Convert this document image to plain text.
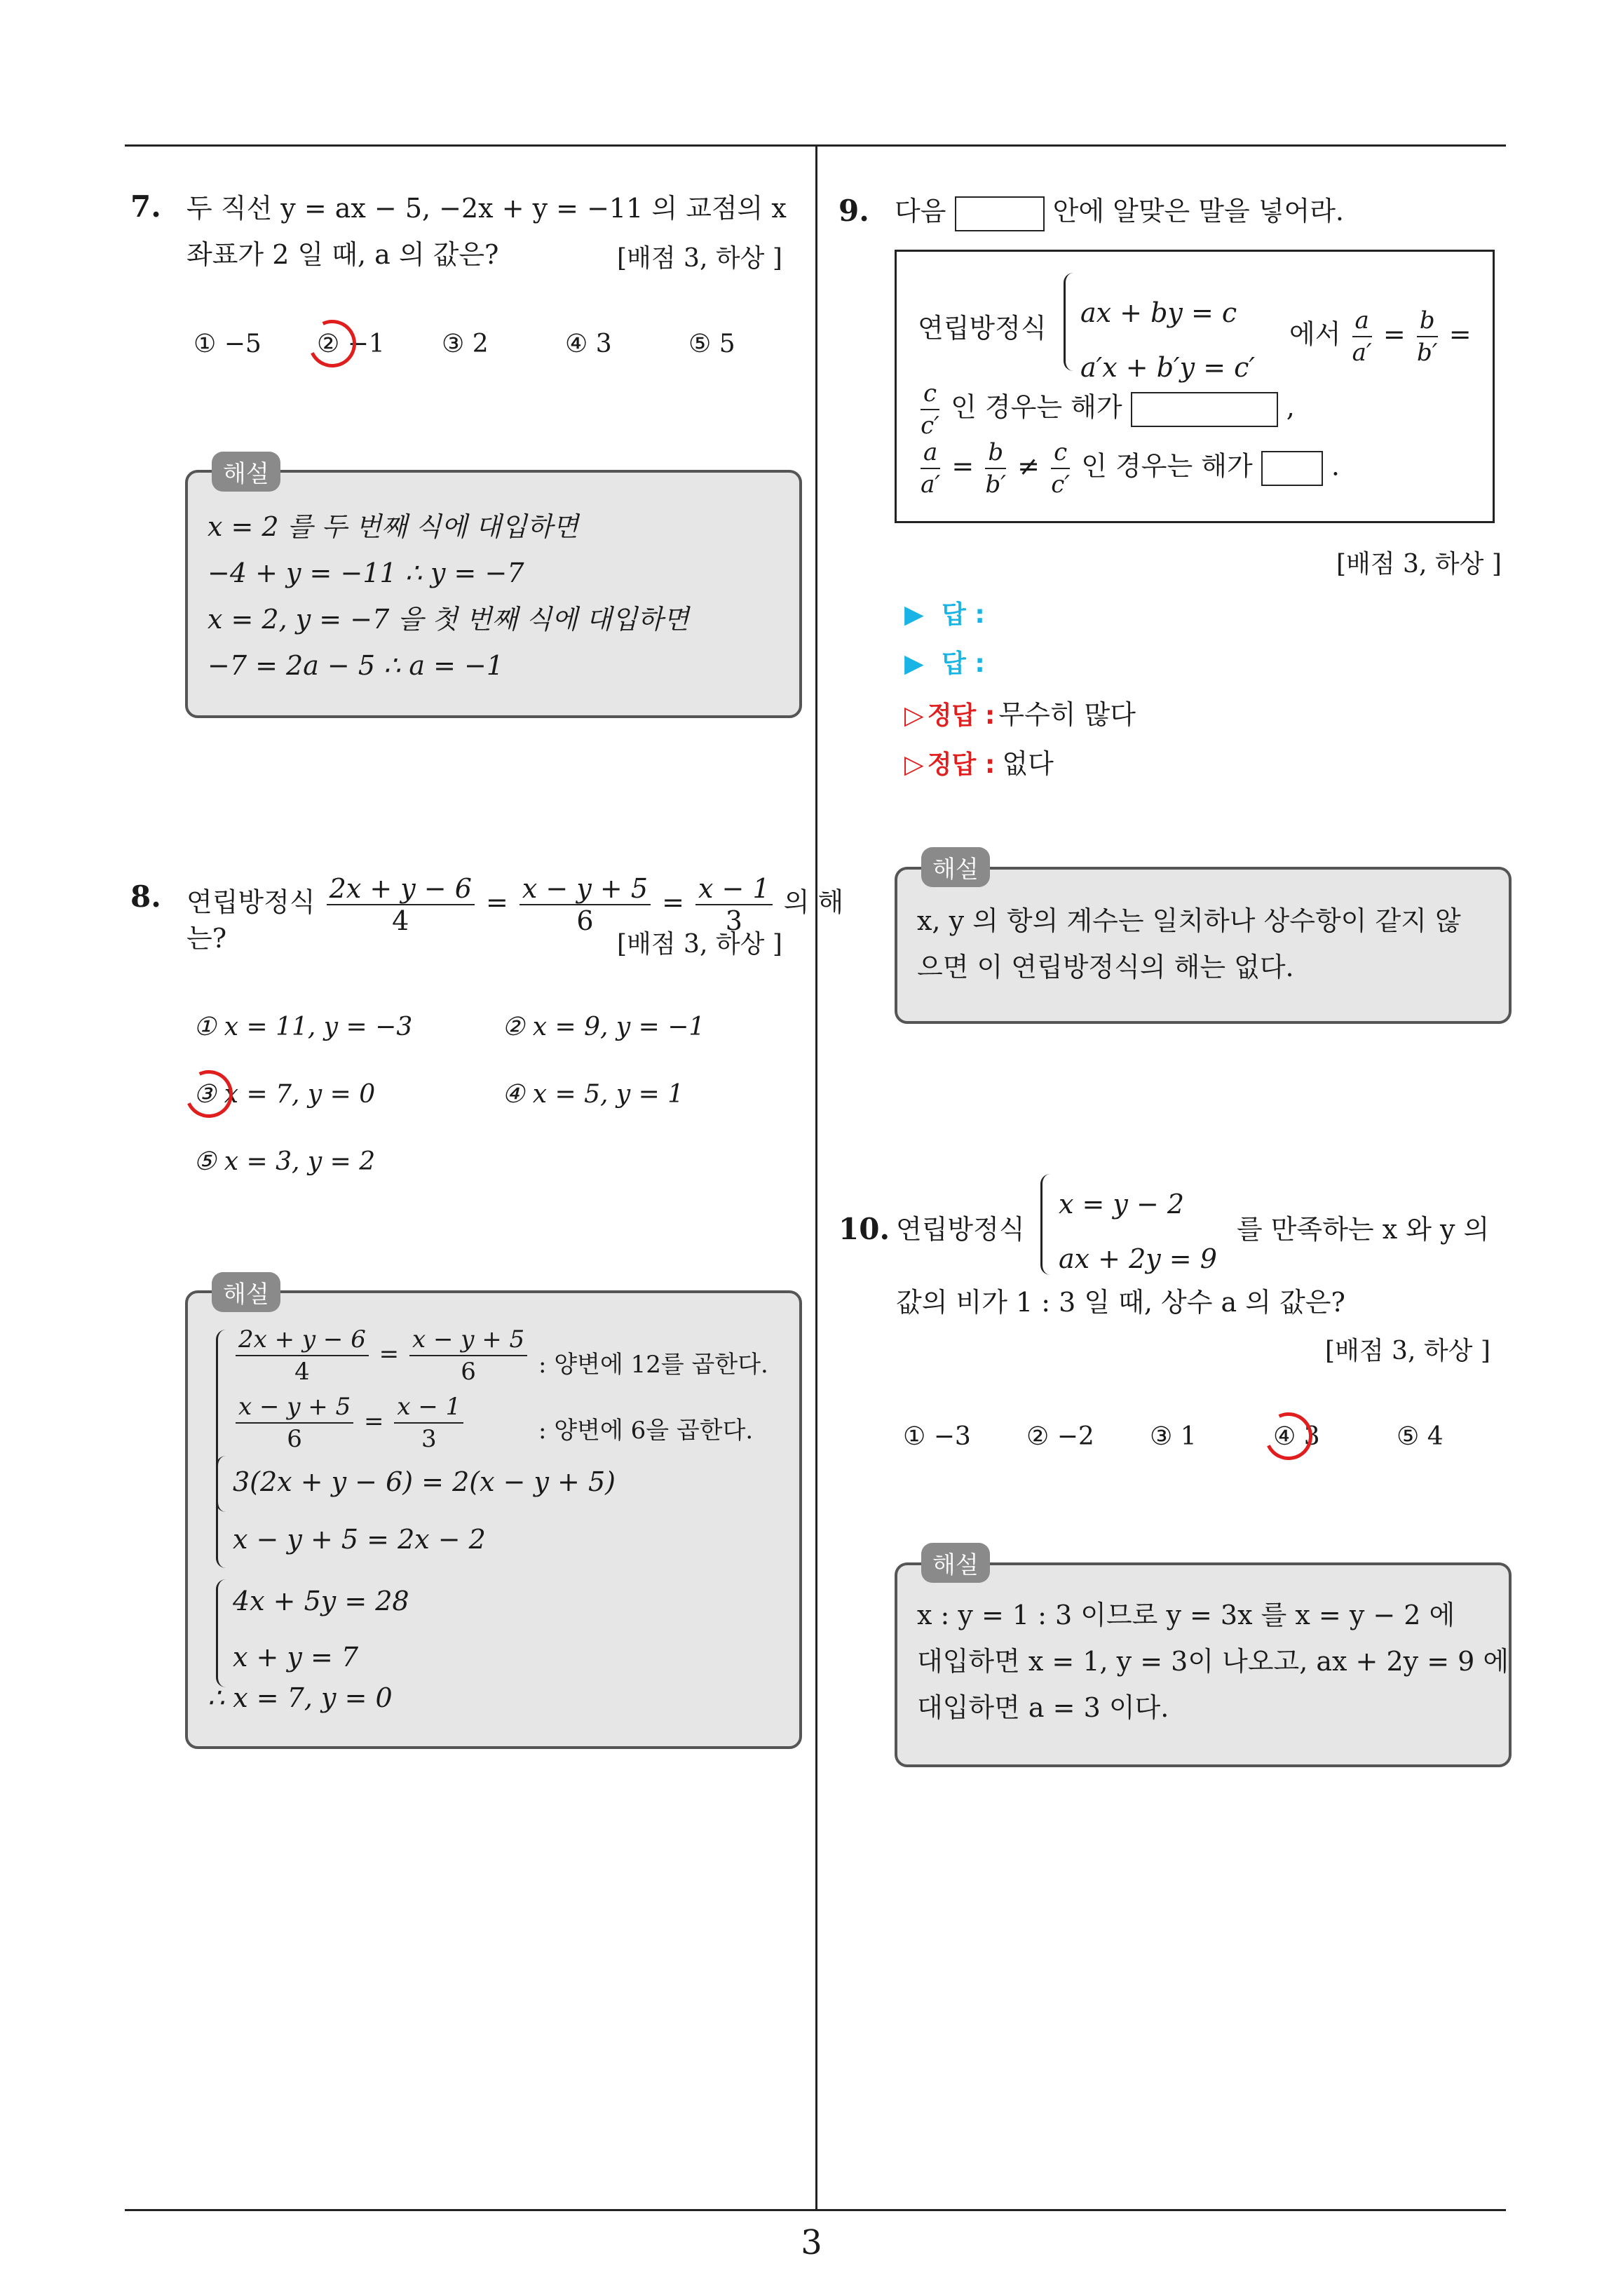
3
7. 두 직선 y = ax − 5, −2x + y = −11 의 교점의 x
좌표가 2 일 때, a 의 값은?	[배점 3, 하상 ]
① −5 ② −1 ③ 2	④ 3	⑤ 5
x = 2 를 두 번째 식에 대입하면
−4 + y = −11 ∴ y = −7
x = 2, y = −7 을 첫 번째 식에 대입하면
−7 = 2a − 5 ∴ a = −1
해설
8. 연립방정식 $\frac{2x + y - 6}{4} = \frac{x - y + 5}{6} = \frac{x - 1}{3}$ 의 해
는?	[배점 3, 하상 ]
① x = 11, y = −3	② x = 9, y = −1
③ x = 7, y = 0	④ x = 5, y = 1
⑤ x = 3, y = 2
$\frac{2x + y - 6}{4} = \frac{x - y + 5}{6}$ : 양변에 12를 곱한다.
$\frac{x - y + 5}{6} = \frac{x - 1}{3}$	: 양변에 6을 곱한다.
3(2x + y − 6) = 2(x − y + 5)
x − y + 5 = 2x − 2
4x + 5y = 28
x + y = 7
∴ x = 7, y = 0
해설
9. 다음	안에 알맞은 말을 넣어라.
연립방정식 ax + by = c
a′x + b′y = c′
에서 $\frac{a}{a'} = \frac{b}{b'}$ =
$\frac{c}{c'}$ 인 경우는 해가	,
$\frac{a}{a'} = \frac{b}{b'} \ne \frac{c}{c'}$ 인 경우는 해가	.
[배점 3, 하상 ]
▶ 답 :
▶ 답 :
▷ 정답 : 무수히 많다
▷ 정답 : 없다
x, y 의 항의 계수는 일치하나 상수항이 같지 않
으면 이 연립방정식의 해는 없다.
해설
10. 연립방정식
x = y − 2
ax + 2y = 9
를 만족하는 x 와 y 의
값의 비가 1 : 3 일 때, 상수 a 의 값은?
[배점 3, 하상 ]
① −3 ② −2 ③ 1	④ 3	⑤ 4
x : y = 1 : 3 이므로 y = 3x 를 x = y − 2 에
대입하면 x = 1, y = 3이 나오고, ax + 2y = 9 에
대입하면 a = 3 이다.
해설
